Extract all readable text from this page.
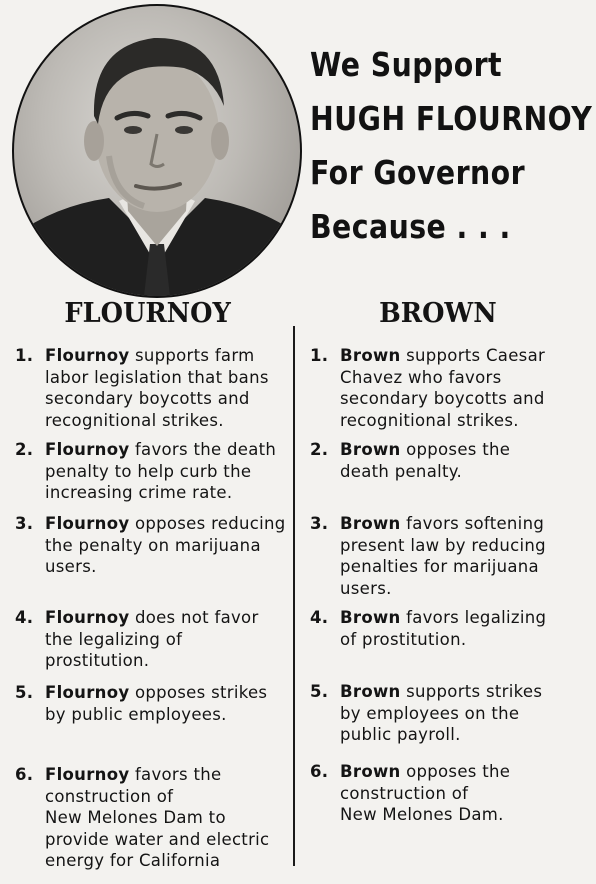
We Support
HUGH FLOURNOY
For Governor
Because . . .
FLOURNOY	BROWN
1. Flournoy supports farm
labor legislation that bans
secondary boycotts and
recognitional strikes.
2. Flournoy favors the death
penalty to help curb the
increasing crime rate.
3. Flournoy opposes reducing
the penalty on marijuana
users.
4. Flournoy does not favor
the legalizing of
prostitution.
5. Flournoy opposes strikes
by public employees.
6. Flournoy favors the
construction of
New Melones Dam to
provide water and electric
energy for California
1. Brown supports Caesar
Chavez who favors
secondary boycotts and
recognitional strikes.
2. Brown opposes the
death penalty.
3. Brown favors softening
present law by reducing
penalties for marijuana
users.
4. Brown favors legalizing
of prostitution.
5. Brown supports strikes
by employees on the
public payroll.
6. Brown opposes the
construction of
New Melones Dam.
